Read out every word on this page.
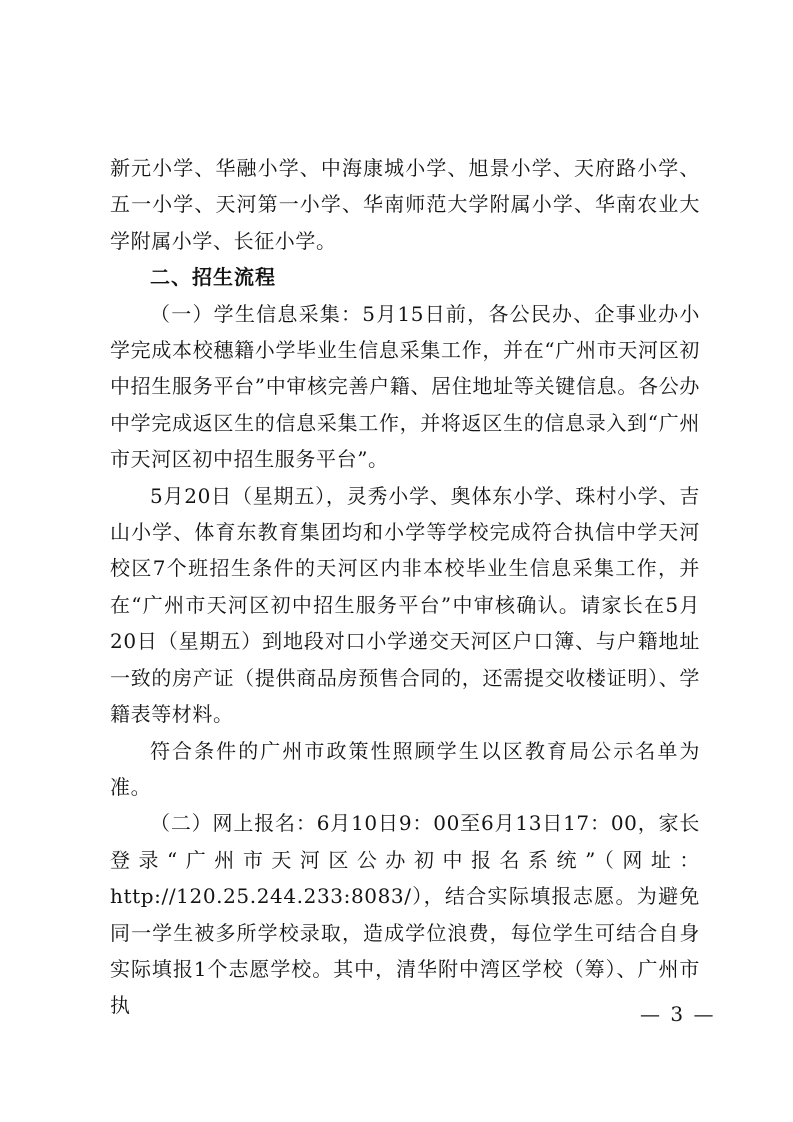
新元小学、华融小学、中海康城小学、旭景小学、天府路小学、五一小学、天河第一小学、华南师范大学附属小学、华南农业大学附属小学、长征小学。

二、招生流程

（一）学生信息采集：5月15日前，各公民办、企事业办小学完成本校穗籍小学毕业生信息采集工作，并在“广州市天河区初中招生服务平台”中审核完善户籍、居住地址等关键信息。各公办中学完成返区生的信息采集工作，并将返区生的信息录入到“广州市天河区初中招生服务平台”。

5月20日（星期五），灵秀小学、奥体东小学、珠村小学、吉山小学、体育东教育集团均和小学等学校完成符合执信中学天河校区7个班招生条件的天河区内非本校毕业生信息采集工作，并在“广州市天河区初中招生服务平台”中审核确认。请家长在5月20日（星期五）到地段对口小学递交天河区户口簿、与户籍地址一致的房产证（提供商品房预售合同的，还需提交收楼证明）、学籍表等材料。

符合条件的广州市政策性照顾学生以区教育局公示名单为准。

（二）网上报名：6月10日9：00至6月13日17：00，家长登录“广州市天河区公办初中报名系统”（网址：http://120.25.244.233:8083/），结合实际填报志愿。为避免同一学生被多所学校录取，造成学位浪费，每位学生可结合自身实际填报1个志愿学校。其中，清华附中湾区学校（筹）、广州市执	— 3 —
